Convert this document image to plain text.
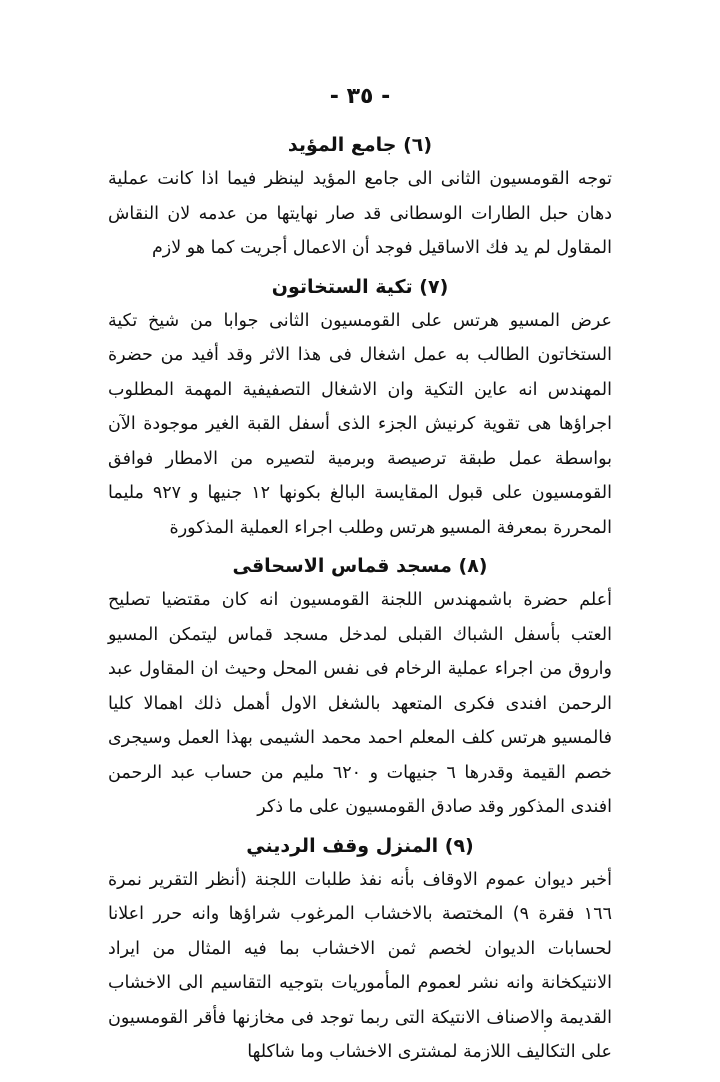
- ٣٥ -
(٦) جامع المؤيد

توجه القومسيون الثانى الى جامع المؤيد لينظر فيما اذا كانت عملية دهان حبل الطارات الوسطانى قد صار نهايتها من عدمه لان النقاش المقاول لم يد فك الاساقيل فوجد أن الاعمال أجريت كما هو لازم

(٧) تكية الستخاتون

عرض المسيو هرتس على القومسيون الثانى جوابا من شيخ تكية الستخاتون الطالب به عمل اشغال فى هذا الاثر وقد أفيد من حضرة المهندس انه عاين التكية وان الاشغال التصفيفية المهمة المطلوب اجراؤها هى تقوية كرنيش الجزء الذى أسفل القبة الغير موجودة الآن بواسطة عمل طبقة ترصيصة وبرمية لتصيره من الامطار فوافق القومسيون على قبول المقايسة البالغ بكونها ١٢ جنيها و ٩٢٧ مليما المحررة بمعرفة المسيو هرتس وطلب اجراء العملية المذكورة

(٨) مسجد قماس الاسحاقى

أعلم حضرة باشمهندس اللجنة القومسيون انه كان مقتضيا تصليح العتب بأسفل الشباك القبلى لمدخل مسجد قماس ليتمكن المسيو واروق من اجراء عملية الرخام فى نفس المحل وحيث ان المقاول عبد الرحمن افندى فكرى المتعهد بالشغل الاول أهمل ذلك اهمالا كليا فالمسيو هرتس كلف المعلم احمد محمد الشيمى بهذا العمل وسيجرى خصم القيمة وقدرها ٦ جنيهات و ٦٢٠ مليم من حساب عبد الرحمن افندى المذكور وقد صادق القومسيون على ما ذكر

(٩) المنزل وقف الرديني

أخبر ديوان عموم الاوقاف بأنه نفذ طلبات اللجنة (أنظر التقرير نمرة ١٦٦ فقرة ٩) المختصة بالاخشاب المرغوب شراؤها وانه حرر اعلانا لحسابات الديوان لخصم ثمن الاخشاب بما فيه المثال من ايراد الانتيكخانة وانه نشر لعموم المأموريات بتوجيه التقاسيم الى الاخشاب القديمة والاصناف الانتيكة التى ربما توجد فى مخازنها فأقر القومسيون على التكاليف اللازمة لمشترى الاخشاب وما شاكلها
